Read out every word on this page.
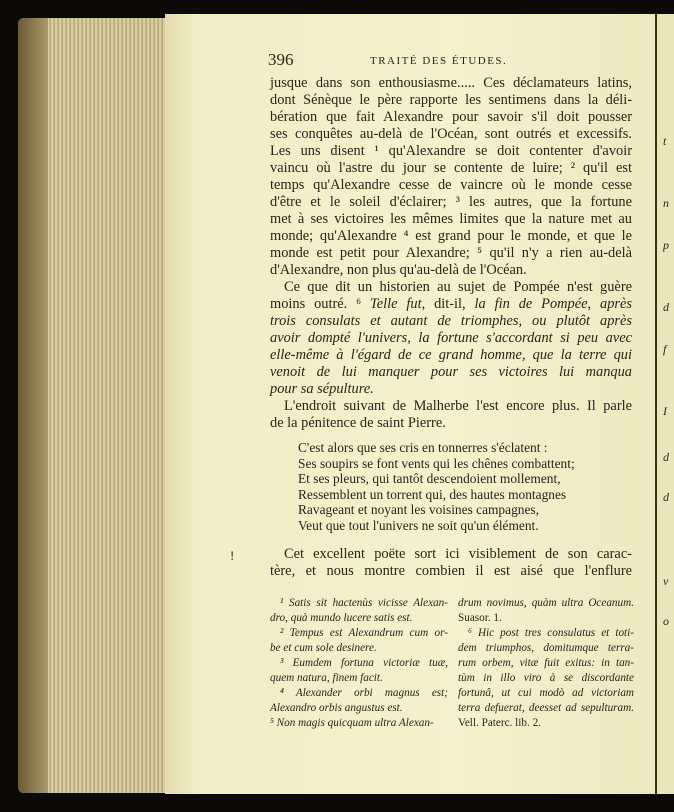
t
n
p
d
f
I
d
d
v
o
396	TRAITÉ DES ÉTUDES.
jusque dans son enthousiasme..... Ces déclamateurs latins,
dont Sénèque le père rapporte les sentimens dans la déli-
bération que fait Alexandre pour savoir s'il doit pousser
ses conquêtes au-delà de l'Océan, sont outrés et excessifs.
Les uns disent ¹ qu'Alexandre se doit contenter d'avoir
vaincu où l'astre du jour se contente de luire; ² qu'il est
temps qu'Alexandre cesse de vaincre où le monde cesse
d'être et le soleil d'éclairer; ³ les autres, que la fortune
met à ses victoires les mêmes limites que la nature met au
monde; qu'Alexandre ⁴ est grand pour le monde, et que le
monde est petit pour Alexandre; ⁵ qu'il n'y a rien au-delà
d'Alexandre, non plus qu'au-delà de l'Océan.
Ce que dit un historien au sujet de Pompée n'est guère
moins outré. ⁶ Telle fut, dit-il, la fin de Pompée, après
trois consulats et autant de triomphes, ou plutôt après
avoir dompté l'univers, la fortune s'accordant si peu avec
elle-même à l'égard de ce grand homme, que la terre qui
venoit de lui manquer pour ses victoires lui manqua
pour sa sépulture.
L'endroit suivant de Malherbe l'est encore plus. Il parle
de la pénitence de saint Pierre.
C'est alors que ses cris en tonnerres s'éclatent :
Ses soupirs se font vents qui les chênes combattent;
Et ses pleurs, qui tantôt descendoient mollement,
Ressemblent un torrent qui, des hautes montagnes
Ravageant et noyant les voisines campagnes,
Veut que tout l'univers ne soit qu'un élément.
!	Cet excellent poëte sort ici visiblement de son carac-
tère, et nous montre combien il est aisé que l'enflure
¹ Satis sit hactenùs vicisse Alexan-
dro, quà mundo lucere satis est.
² Tempus est Alexandrum cum or-
be et cum sole desinere.
³ Eumdem fortuna victoriæ tuæ,
quem natura, finem facit.
⁴ Alexander orbi magnus est;
Alexandro orbis angustus est.
⁵ Non magis quicquam ultra Alexan-
drum novimus, quàm ultra Oceanum.
Suasor. 1.
⁶ Hic post tres consulatus et toti-
dem triumphos, domitumque terra-
rum orbem, vitæ fuit exitus: in tan-
tùm in illo viro à se discordante
fortunâ, ut cui modò ad victoriam
terra defuerat, deesset ad sepulturam.
Vell. Paterc. lib. 2.
